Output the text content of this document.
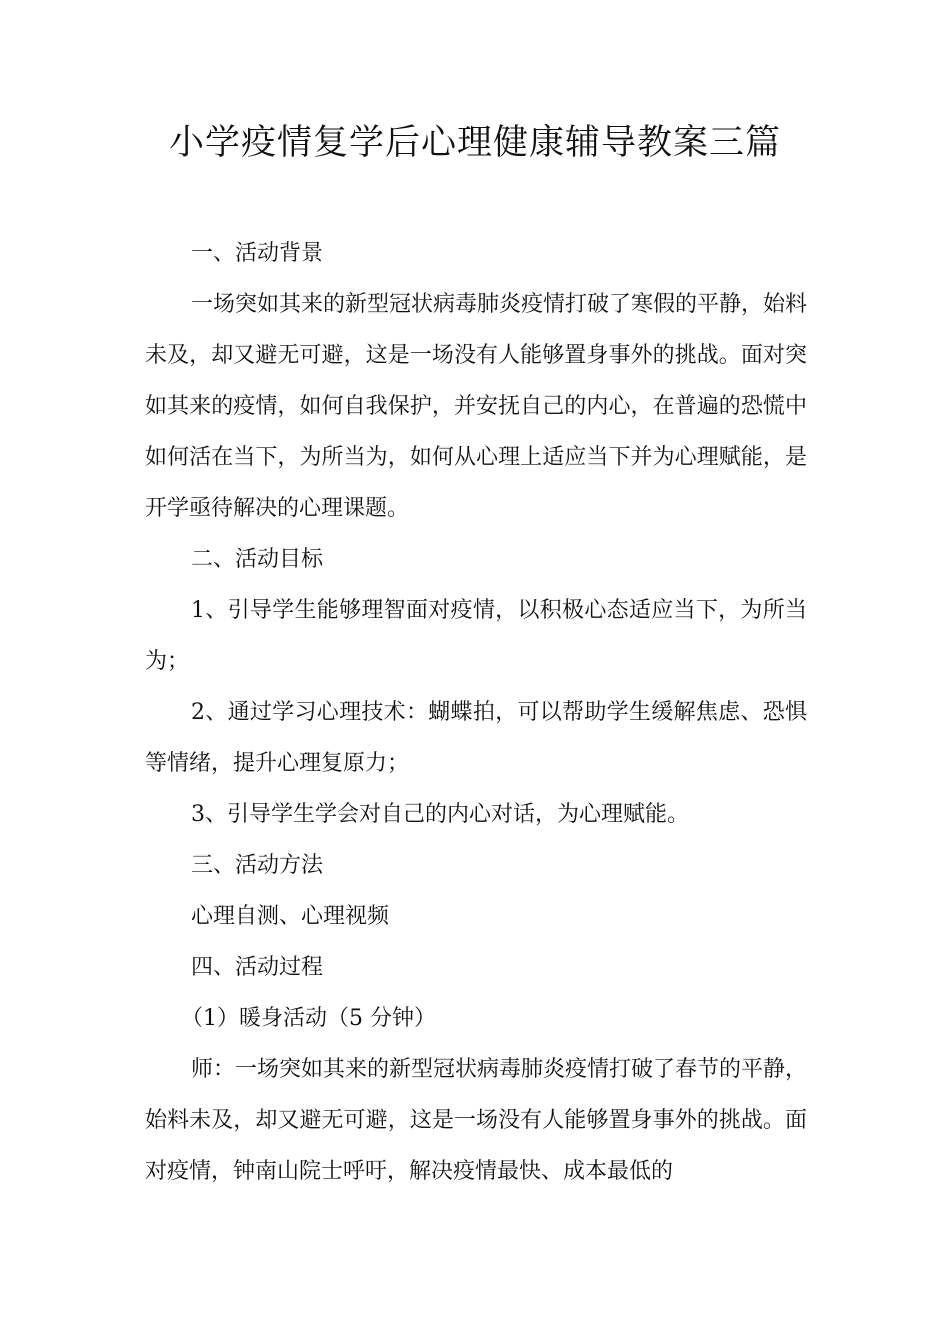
小学疫情复学后心理健康辅导教案三篇

一、活动背景

一场突如其来的新型冠状病毒肺炎疫情打破了寒假的平静，始料未及，却又避无可避，这是一场没有人能够置身事外的挑战。面对突如其来的疫情，如何自我保护，并安抚自己的内心，在普遍的恐慌中如何活在当下，为所当为，如何从心理上适应当下并为心理赋能，是开学亟待解决的心理课题。

二、活动目标

1、引导学生能够理智面对疫情，以积极心态适应当下，为所当为；

2、通过学习心理技术：蝴蝶拍，可以帮助学生缓解焦虑、恐惧等情绪，提升心理复原力；

3、引导学生学会对自己的内心对话，为心理赋能。

三、活动方法

心理自测、心理视频

四、活动过程

（1）暖身活动（5 分钟）

师：一场突如其来的新型冠状病毒肺炎疫情打破了春节的平静，始料未及，却又避无可避，这是一场没有人能够置身事外的挑战。面对疫情，钟南山院士呼吁，解决疫情最快、成本最低的
